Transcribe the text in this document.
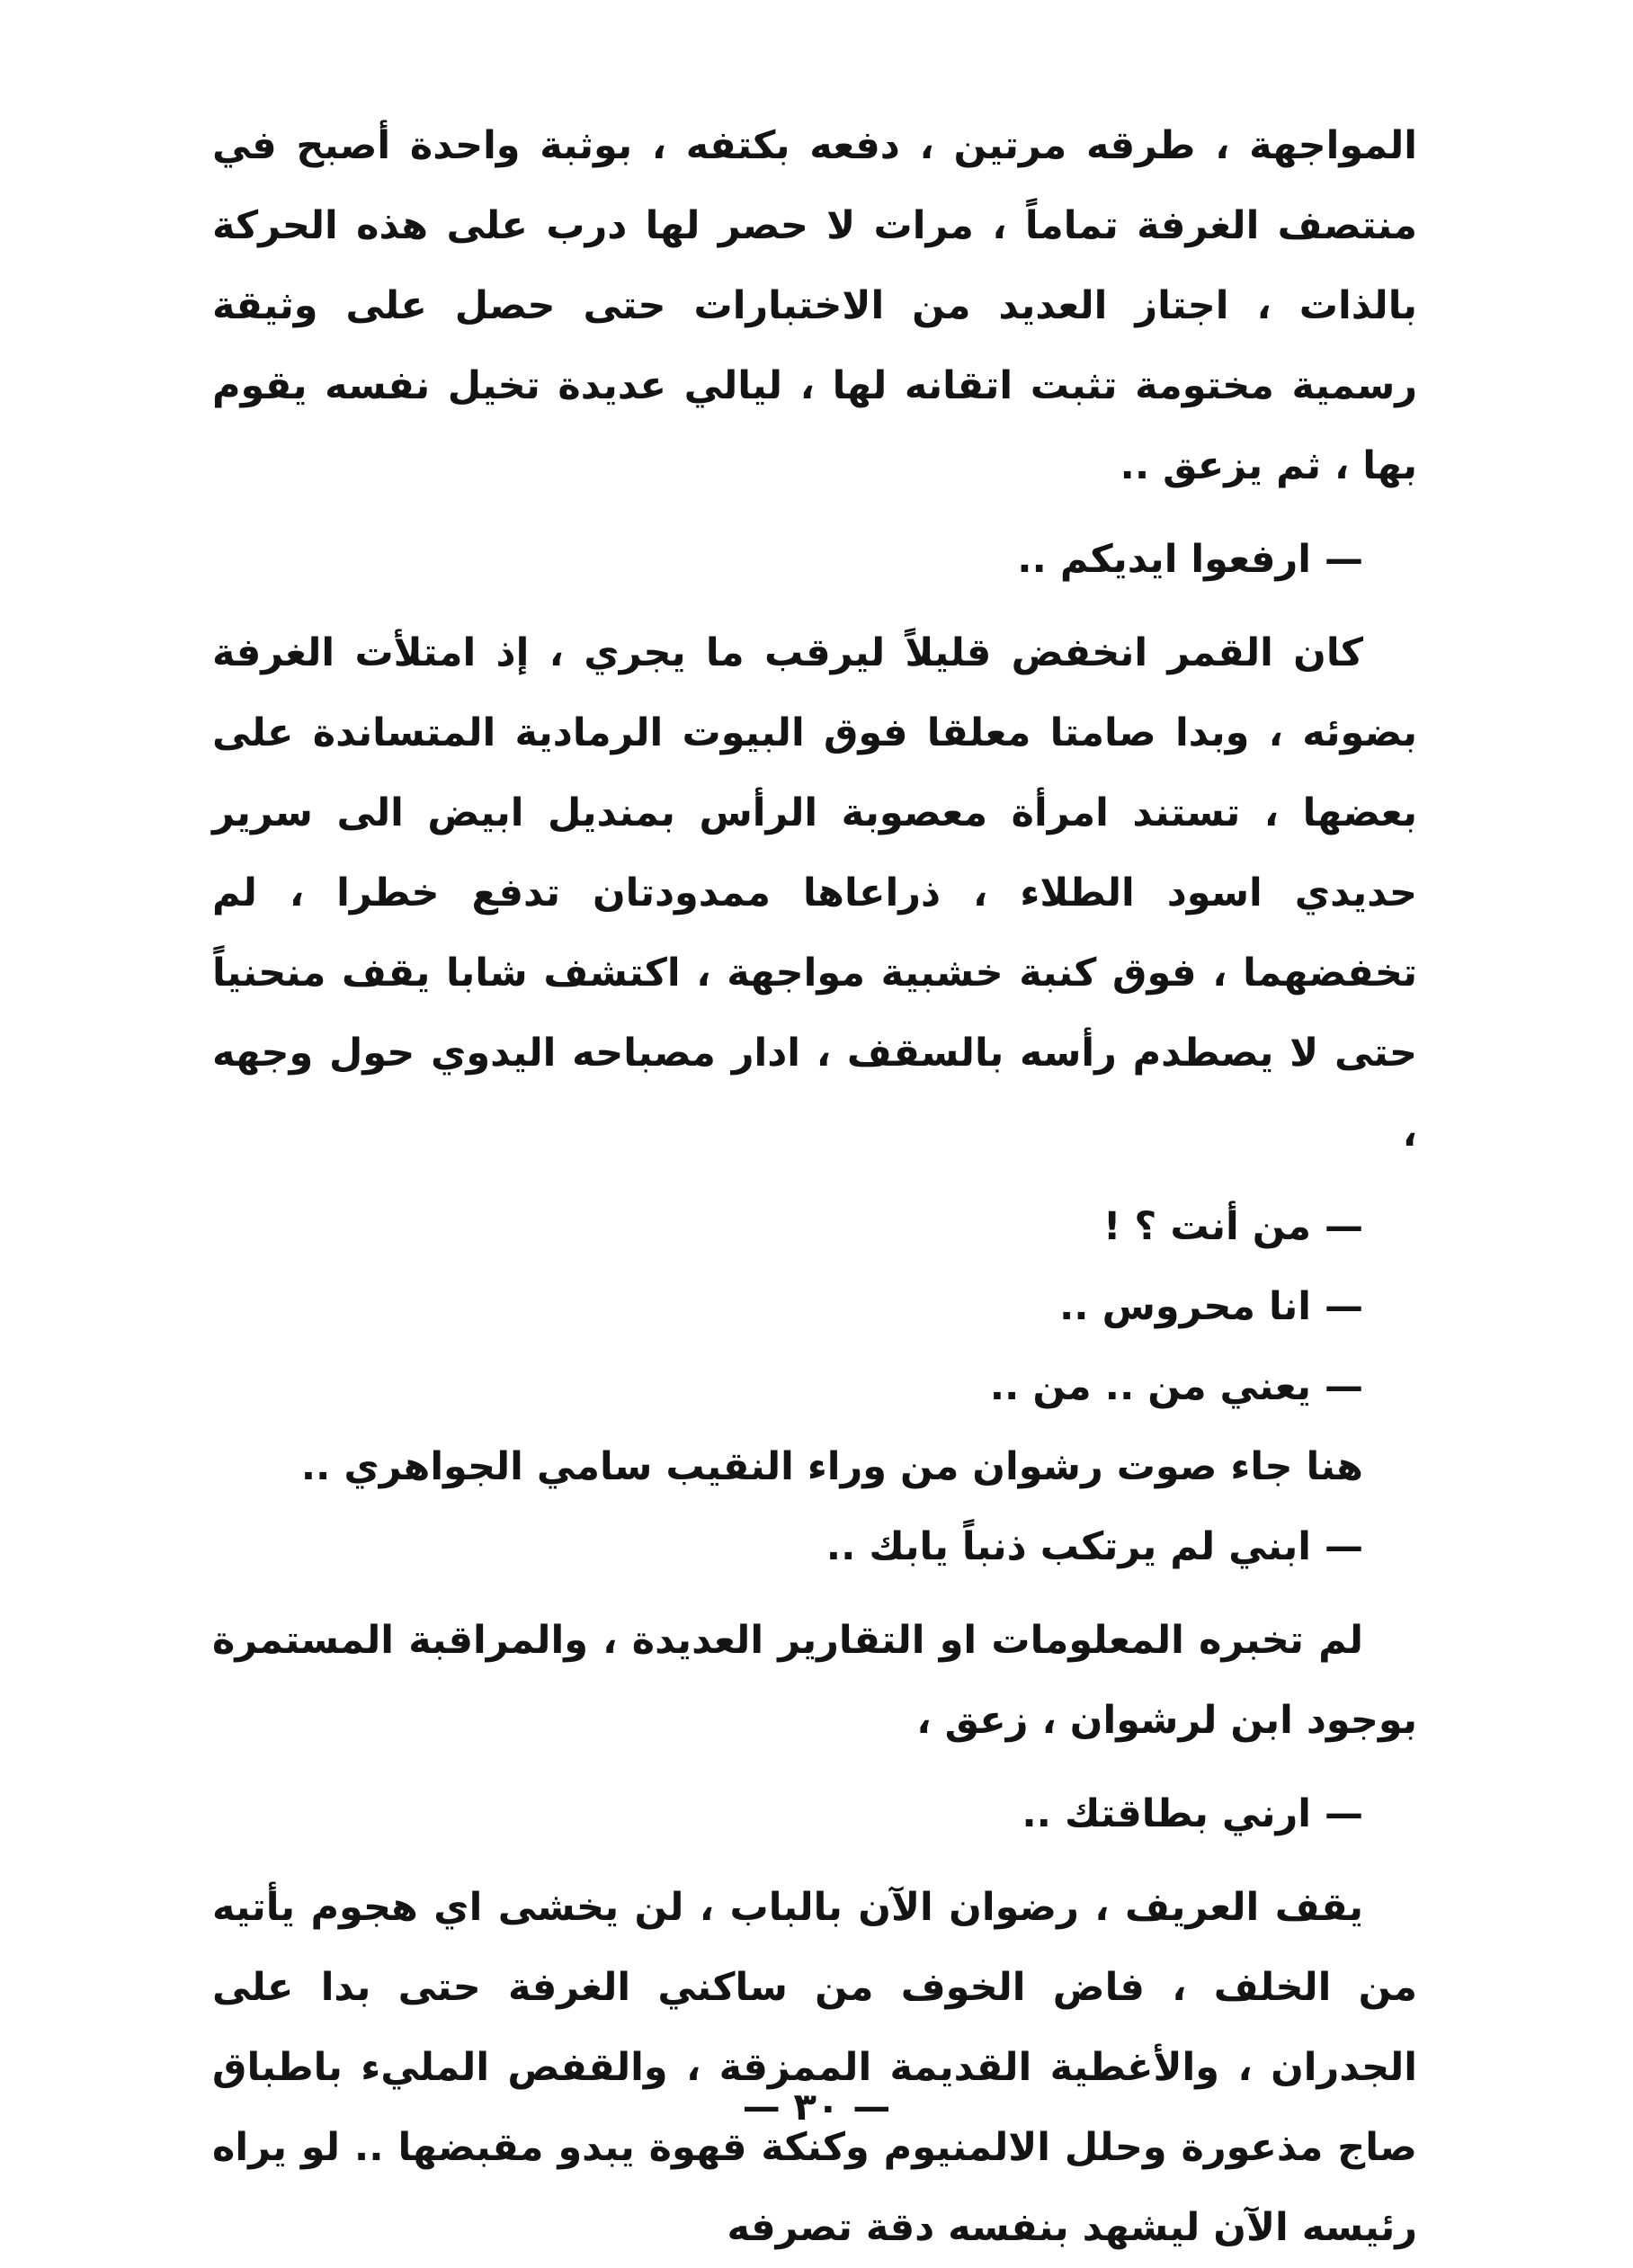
المواجهة ، طرقه مرتين ، دفعه بكتفه ، بوثبة واحدة أصبح في منتصف الغرفة تماماً ، مرات لا حصر لها درب على هذه الحركة بالذات ، اجتاز العديد من الاختبارات حتى حصل على وثيقة رسمية مختومة تثبت اتقانه لها ، ليالي عديدة تخيل نفسه يقوم بها ، ثم يزعق ..

— ارفعوا ايديكم ..

كان القمر انخفض قليلاً ليرقب ما يجري ، إذ امتلأت الغرفة بضوئه ، وبدا صامتا معلقا فوق البيوت الرمادية المتساندة على بعضها ، تستند امرأة معصوبة الرأس بمنديل ابيض الى سرير حديدي اسود الطلاء ، ذراعاها ممدودتان تدفع خطرا ، لم تخفضهما ، فوق كنبة خشبية مواجهة ، اكتشف شابا يقف منحنياً حتى لا يصطدم رأسه بالسقف ، ادار مصباحه اليدوي حول وجهه ،

— من أنت ؟ !

— انا محروس ..

— يعني من .. من ..

هنا جاء صوت رشوان من وراء النقيب سامي الجواهري ..

— ابني لم يرتكب ذنباً يابك ..

لم تخبره المعلومات او التقارير العديدة ، والمراقبة المستمرة بوجود ابن لرشوان ، زعق ،

— ارني بطاقتك ..

يقف العريف ، رضوان الآن بالباب ، لن يخشى اي هجوم يأتيه من الخلف ، فاض الخوف من ساكني الغرفة حتى بدا على الجدران ، والأغطية القديمة الممزقة ، والقفص المليء باطباق صاج مذعورة وحلل الالمنيوم وكنكة قهوة يبدو مقبضها .. لو يراه رئيسه الآن ليشهد بنفسه دقة تصرفه

— ٣٠ —
